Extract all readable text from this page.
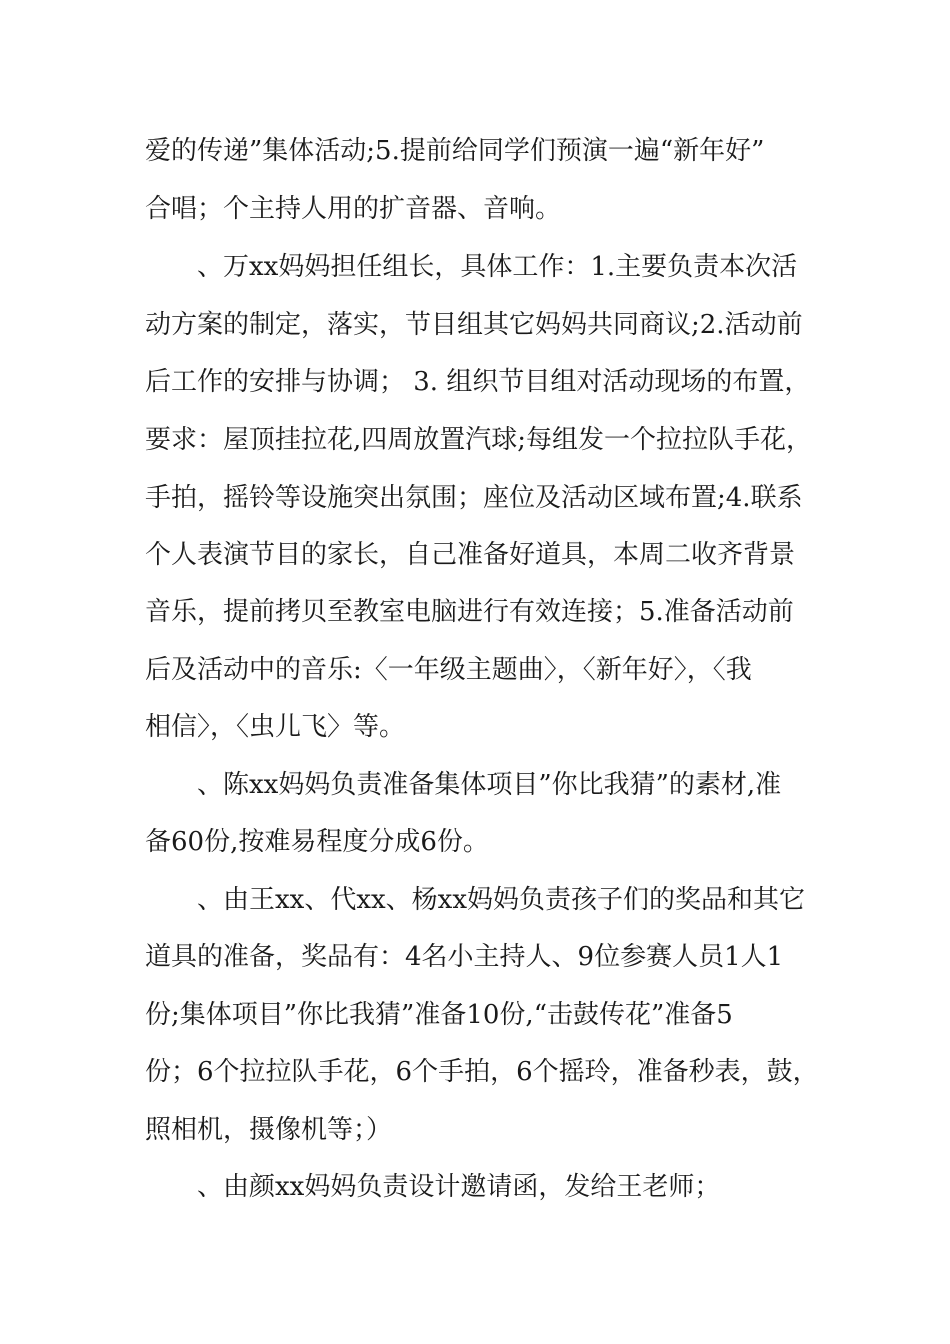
爱的传递”集体活动;5.提前给同学们预演一遍“新年好”

合唱；个主持人用的扩音器、音响。

、万xx妈妈担任组长，具体工作：1.主要负责本次活

动方案的制定，落实，节目组其它妈妈共同商议;2.活动前

后工作的安排与协调； 3. 组织节目组对活动现场的布置，

要求：屋顶挂拉花,四周放置汽球;每组发一个拉拉队手花，

手拍，摇铃等设施突出氛围；座位及活动区域布置;4.联系

个人表演节目的家长，自己准备好道具，本周二收齐背景

音乐，提前拷贝至教室电脑进行有效连接；5.准备活动前

后及活动中的音乐:〈一年级主题曲〉，〈新年好〉，〈我

相信〉，〈虫儿飞〉等。

、陈xx妈妈负责准备集体项目”你比我猜”的素材,准

备60份,按难易程度分成6份。

、由王xx、代xx、杨xx妈妈负责孩子们的奖品和其它

道具的准备，奖品有：4名小主持人、9位参赛人员1人1

份;集体项目”你比我猜”准备10份,“击鼓传花”准备5

份；6个拉拉队手花，6个手拍，6个摇玲，准备秒表，鼓，

照相机，摄像机等；）

、由颜xx妈妈负责设计邀请函，发给王老师；
